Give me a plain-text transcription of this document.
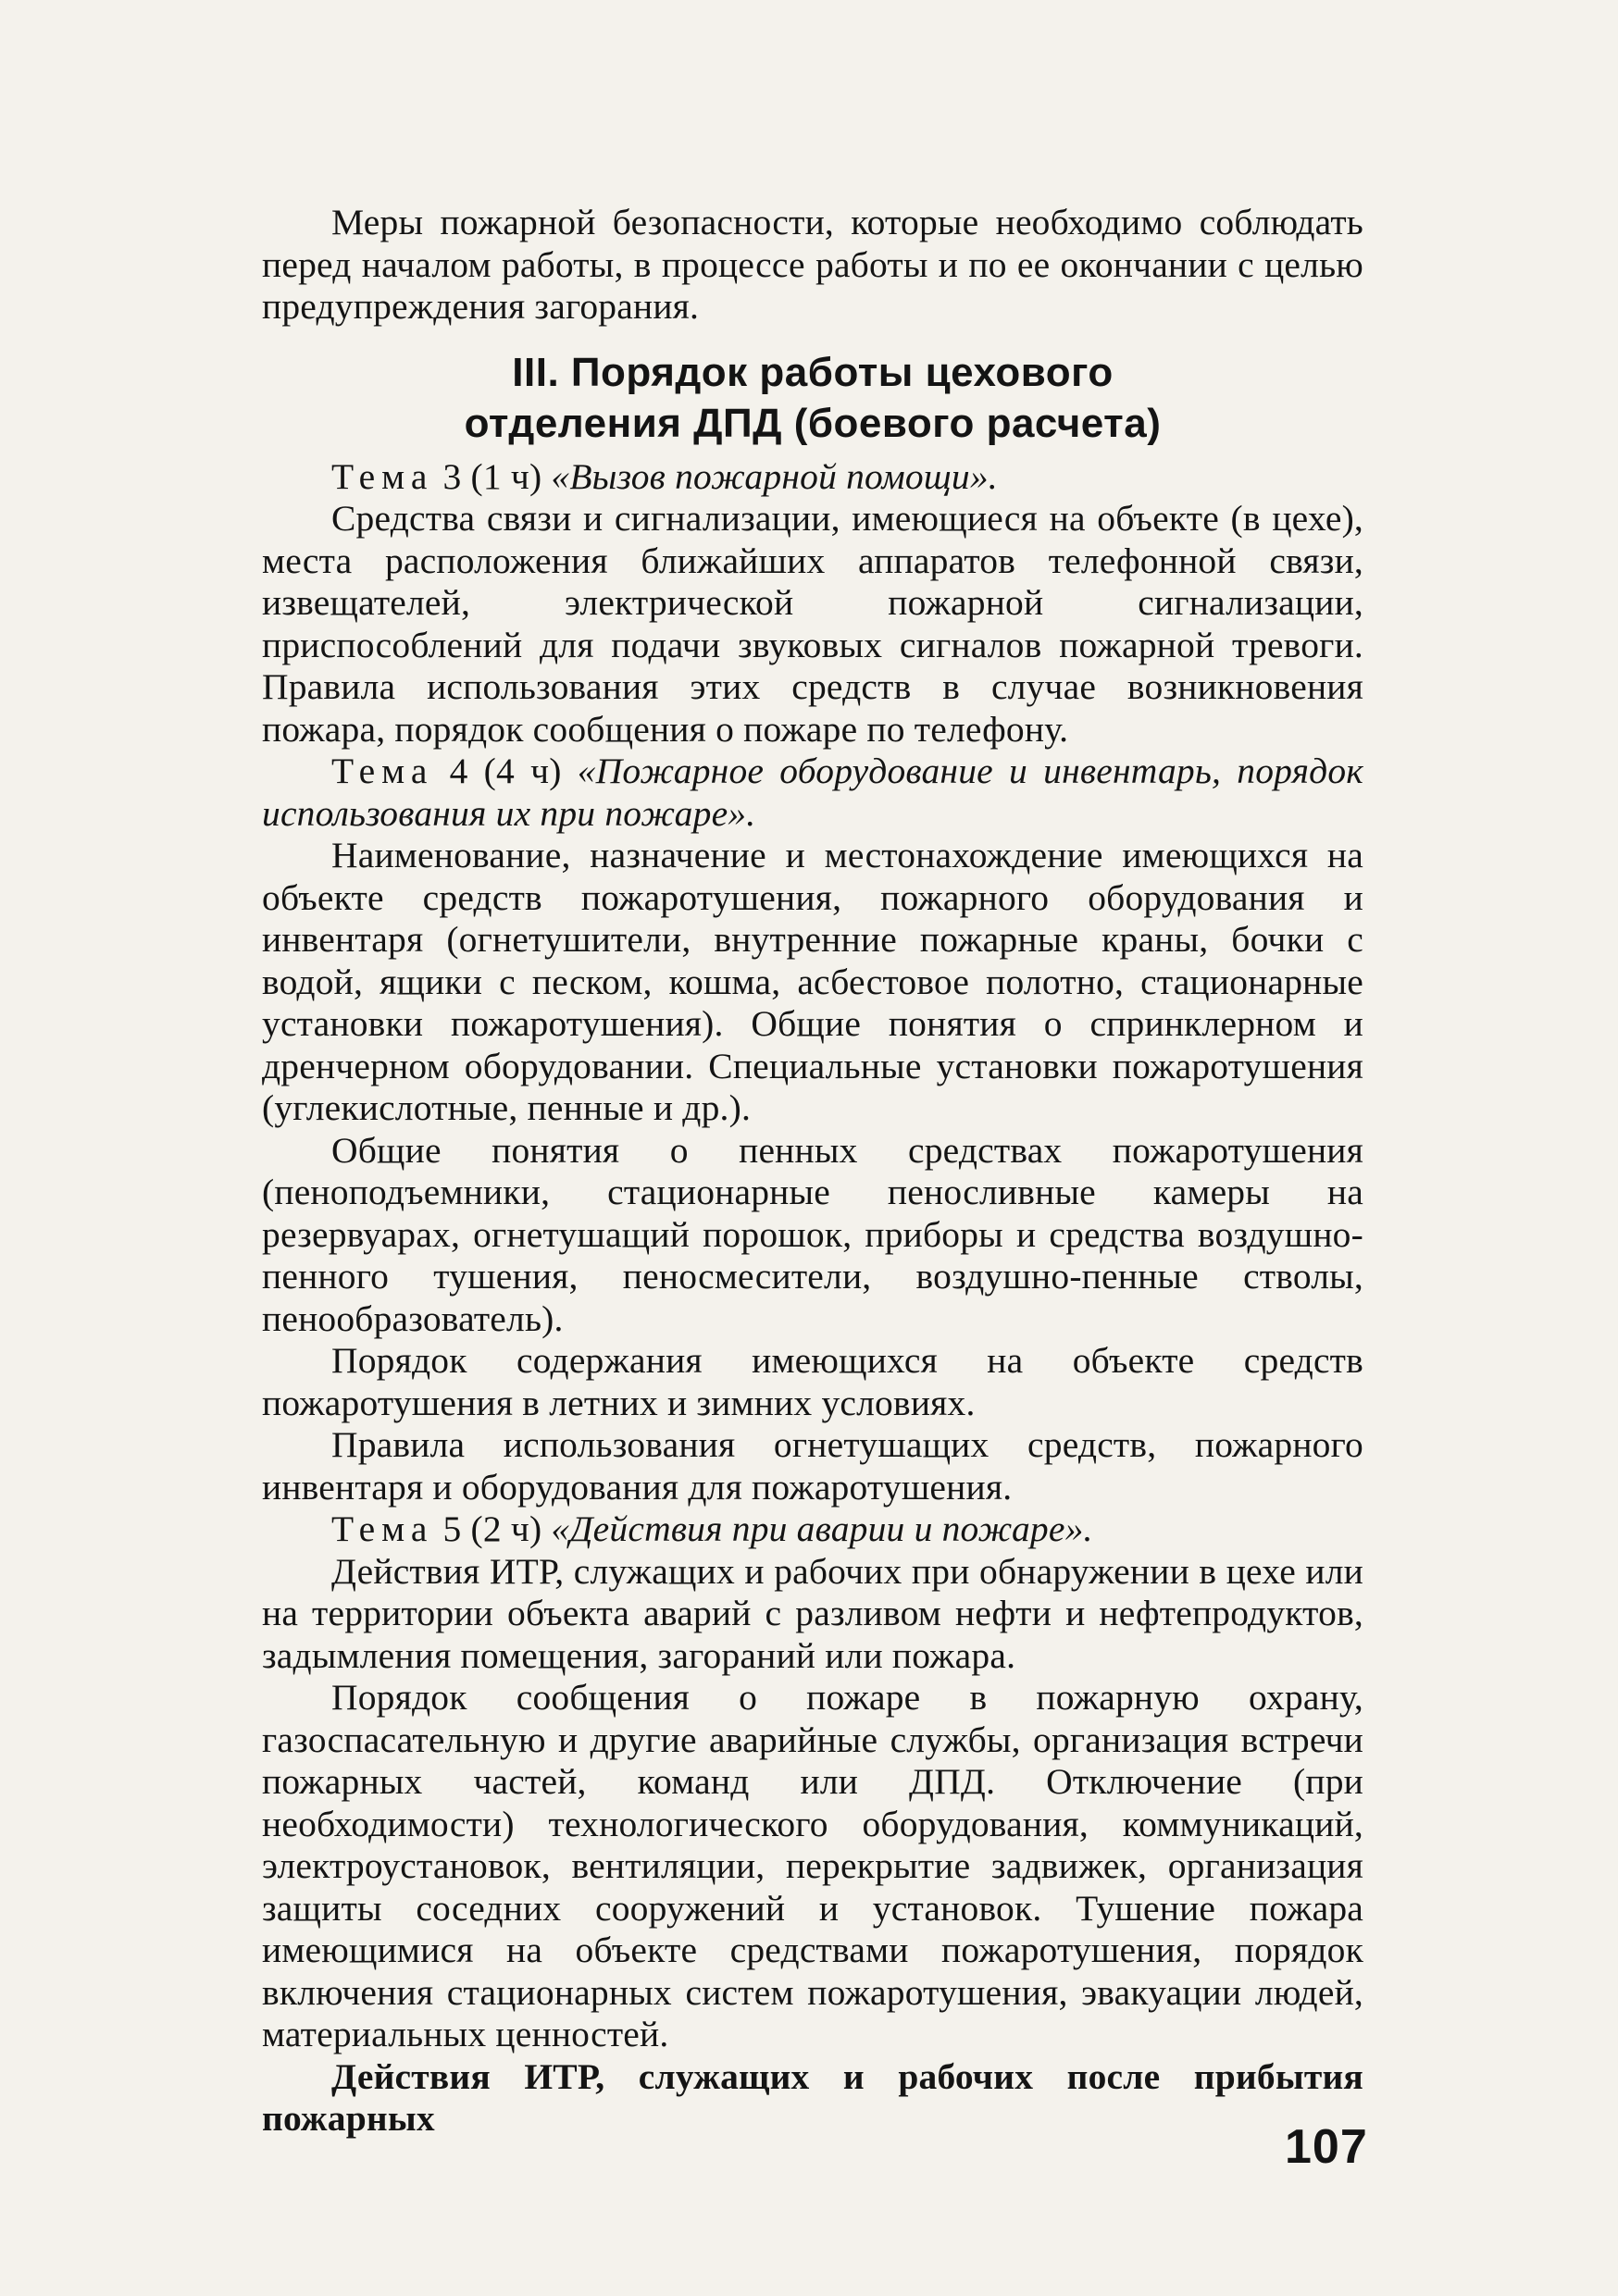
Меры пожарной безопасности, которые необходимо соблюдать перед началом работы, в процессе работы и по ее окончании с целью предупреждения загорания.

III. Порядок работы цехового
отделения ДПД (боевого расчета)

Тема 3 (1 ч) «Вызов пожарной помощи».

Средства связи и сигнализации, имеющиеся на объекте (в цехе), места расположения ближайших аппаратов телефонной связи, извещателей, электрической пожарной сигнализации, приспособлений для подачи звуковых сигналов пожарной тревоги. Правила использования этих средств в случае возникновения пожара, порядок сообщения о пожаре по телефону.

Тема 4 (4 ч) «Пожарное оборудование и инвентарь, порядок использования их при пожаре».

Наименование, назначение и местонахождение имеющихся на объекте средств пожаротушения, пожарного оборудования и инвентаря (огнетушители, внутренние пожарные краны, бочки с водой, ящики с песком, кошма, асбестовое полотно, стационарные установки пожаротушения). Общие понятия о спринклерном и дренчерном оборудовании. Специальные установки пожаротушения (углекислотные, пенные и др.).

Общие понятия о пенных средствах пожаротушения (пеноподъемники, стационарные пеносливные камеры на резервуарах, огнетушащий порошок, приборы и средства воздушно-пенного тушения, пеносмесители, воздушно-пенные стволы, пенообразователь).

Порядок содержания имеющихся на объекте средств пожаротушения в летних и зимних условиях.

Правила использования огнетушащих средств, пожарного инвентаря и оборудования для пожаротушения.

Тема 5 (2 ч) «Действия при аварии и пожаре».

Действия ИТР, служащих и рабочих при обнаружении в цехе или на территории объекта аварий с разливом нефти и нефтепродуктов, задымления помещения, загораний или пожара.

Порядок сообщения о пожаре в пожарную охрану, газоспасательную и другие аварийные службы, организация встречи пожарных частей, команд или ДПД. Отключение (при необходимости) технологического оборудования, коммуникаций, электроустановок, вентиляции, перекрытие задвижек, организация защиты соседних сооружений и установок. Тушение пожара имеющимися на объекте средствами пожаротушения, порядок включения стационарных систем пожаротушения, эвакуации людей, материальных ценностей.

Действия ИТР, служащих и рабочих после прибытия пожарных

107
